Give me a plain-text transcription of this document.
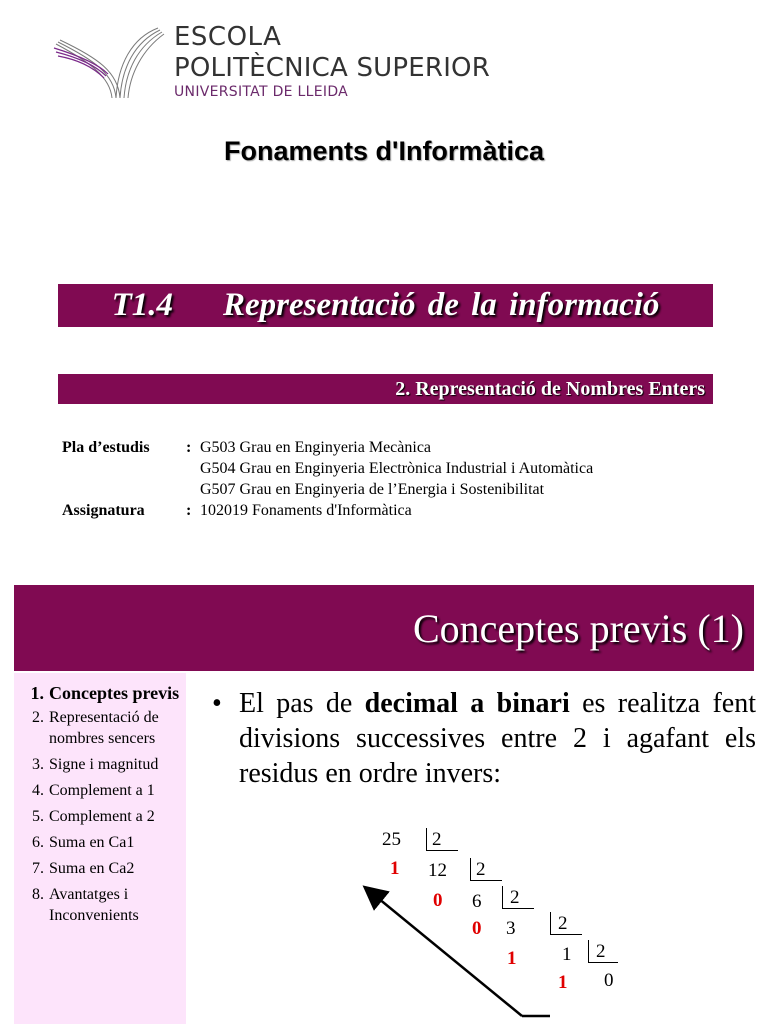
ESCOLA
POLITÈCNICA SUPERIOR
UNIVERSITAT DE LLEIDA
Fonaments d'Informàtica
T1.4 Representació de la informació
2. Representació de Nombres Enters
Pla d’estudis	: G503 Grau en Enginyeria Mecànica
G504 Grau en Enginyeria Electrònica Industrial i Automàtica
G507 Grau en Enginyeria de l’Energia i Sostenibilitat
Assignatura	: 102019 Fonaments d'Informàtica
Conceptes previs (1)
1. Conceptes previs
2. Representació de nombres sencers
3. Signe i magnitud
4. Complement a 1
5. Complement a 2
6. Suma en Ca1
7. Suma en Ca2
8. Avantatges i Inconvenients
• El pas de decimal a binari es realitza fent divisions successives entre 2 i agafant els residus en ordre invers:
25 2
1 12 2
0 6 2
0 3 2
1 1 2
1 0
